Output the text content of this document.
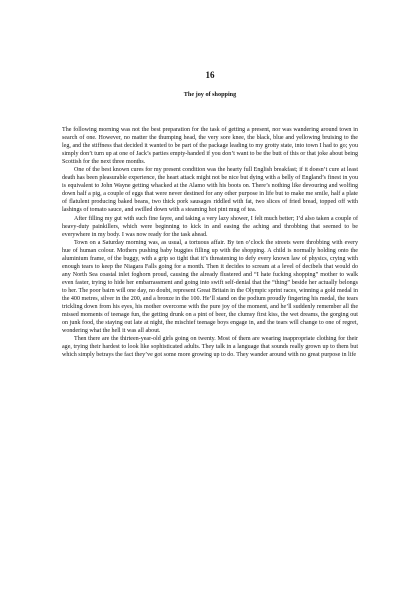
16
The joy of shopping

The following morning was not the best preparation for the task of getting a present, nor was wandering around town in search of one. However, no matter the thumping head, the very sore knee, the black, blue and yellowing bruising to the leg, and the stiffness that decided it wanted to be part of the package leading to my grotty state, into town I had to go; you simply don’t turn up at one of Jack’s parties empty-handed if you don’t want to be the butt of this or that joke about being Scottish for the next three months.

One of the best known cures for my present condition was the hearty full English breakfast; if it doesn’t cure at least death has been pleasurable experience, the heart attack might not be nice but dying with a belly of England’s finest in you is equivalent to John Wayne getting whacked at the Alamo with his boots on. There’s nothing like devouring and wolfing down half a pig, a couple of eggs that were never destined for any other purpose in life but to make me smile, half a plate of flatulent producing baked beans, two thick pork sausages riddled with fat, two slices of fried bread, topped off with lashings of tomato sauce, and swilled down with a steaming hot pint mug of tea.

After filling my gut with such fine fayre, and taking a very lazy shower, I felt much better; I’d also taken a couple of heavy-duty painkillers, which were beginning to kick in and easing the aching and throbbing that seemed to be everywhere in my body. I was now ready for the task ahead.

Town on a Saturday morning was, as usual, a tortuous affair. By ten o’clock the streets were throbbing with every hue of human colour. Mothers pushing baby buggies filling up with the shopping. A child is normally holding onto the aluminium frame, of the buggy, with a grip so tight that it’s threatening to defy every known law of physics, crying with enough tears to keep the Niagara Falls going for a month. Then it decides to scream at a level of decibels that would do any North Sea coastal inlet foghorn proud, causing the already flustered and “I hate fucking shopping” mother to walk even faster, trying to hide her embarrassment and going into swift self-denial that the “thing” beside her actually belongs to her. The poor bairn will one day, no doubt, represent Great Britain in the Olympic sprint races, winning a gold medal in the 400 metres, silver in the 200, and a bronze in the 100. He’ll stand on the podium proudly fingering his medal, the tears trickling down from his eyes, his mother overcome with the pure joy of the moment, and he’ll suddenly remember all the missed moments of teenage fun, the getting drunk on a pint of beer, the clumsy first kiss, the wet dreams, the gorging out on junk food, the staying out late at night, the mischief teenage boys engage in, and the tears will change to one of regret, wondering what the hell it was all about.

Then there are the thirteen-year-old girls going on twenty. Most of them are wearing inappropriate clothing for their age, trying their hardest to look like sophisticated adults. They talk in a language that sounds really grown up to them but which simply betrays the fact they’ve got some more growing up to do. They wander around with no great purpose in life
